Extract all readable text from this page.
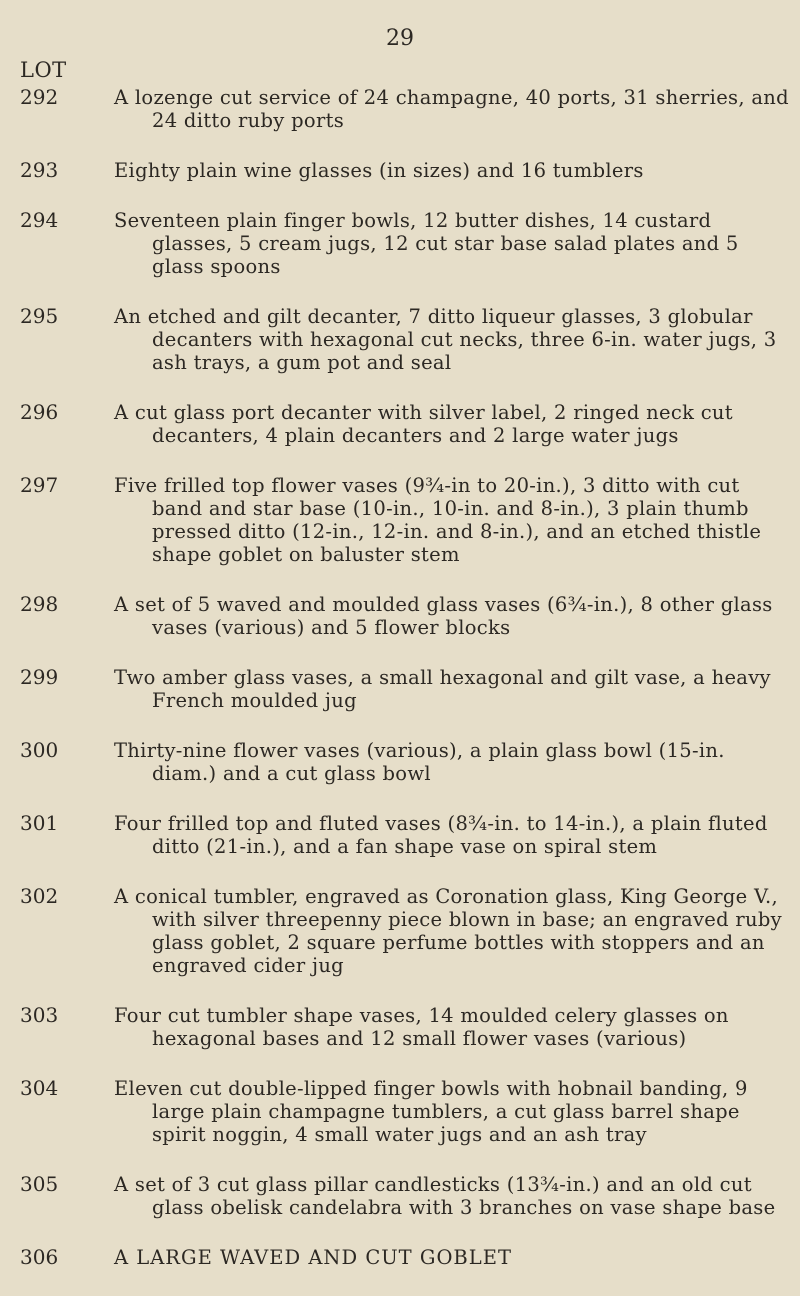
29
LOT
292	A lozenge cut service of 24 champagne, 40 ports, 31 sherries, and 24 ditto ruby ports
293	Eighty plain wine glasses (in sizes) and 16 tumblers
294	Seventeen plain finger bowls, 12 butter dishes, 14 custard glasses, 5 cream jugs, 12 cut star base salad plates and 5 glass spoons
295	An etched and gilt decanter, 7 ditto liqueur glasses, 3 globular decanters with hexagonal cut necks, three 6-in. water jugs, 3 ash trays, a gum pot and seal
296	A cut glass port decanter with silver label, 2 ringed neck cut decanters, 4 plain decanters and 2 large water jugs
297	Five frilled top flower vases (9¾-in to 20-in.), 3 ditto with cut band and star base (10-in., 10-in. and 8-in.), 3 plain thumb pressed ditto (12-in., 12-in. and 8-in.), and an etched thistle shape goblet on baluster stem
298	A set of 5 waved and moulded glass vases (6¾-in.), 8 other glass vases (various) and 5 flower blocks
299	Two amber glass vases, a small hexagonal and gilt vase, a heavy French moulded jug
300	Thirty-nine flower vases (various), a plain glass bowl (15-in. diam.) and a cut glass bowl
301	Four frilled top and fluted vases (8¾-in. to 14-in.), a plain fluted ditto (21-in.), and a fan shape vase on spiral stem
302	A conical tumbler, engraved as Coronation glass, King George V., with silver threepenny piece blown in base; an engraved ruby glass goblet, 2 square perfume bottles with stoppers and an engraved cider jug
303	Four cut tumbler shape vases, 14 moulded celery glasses on hexagonal bases and 12 small flower vases (various)
304	Eleven cut double-lipped finger bowls with hobnail banding, 9 large plain champagne tumblers, a cut glass barrel shape spirit noggin, 4 small water jugs and an ash tray
305	A set of 3 cut glass pillar candlesticks (13¾-in.) and an old cut glass obelisk candelabra with 3 branches on vase shape base
306	A LARGE WAVED AND CUT GOBLET
